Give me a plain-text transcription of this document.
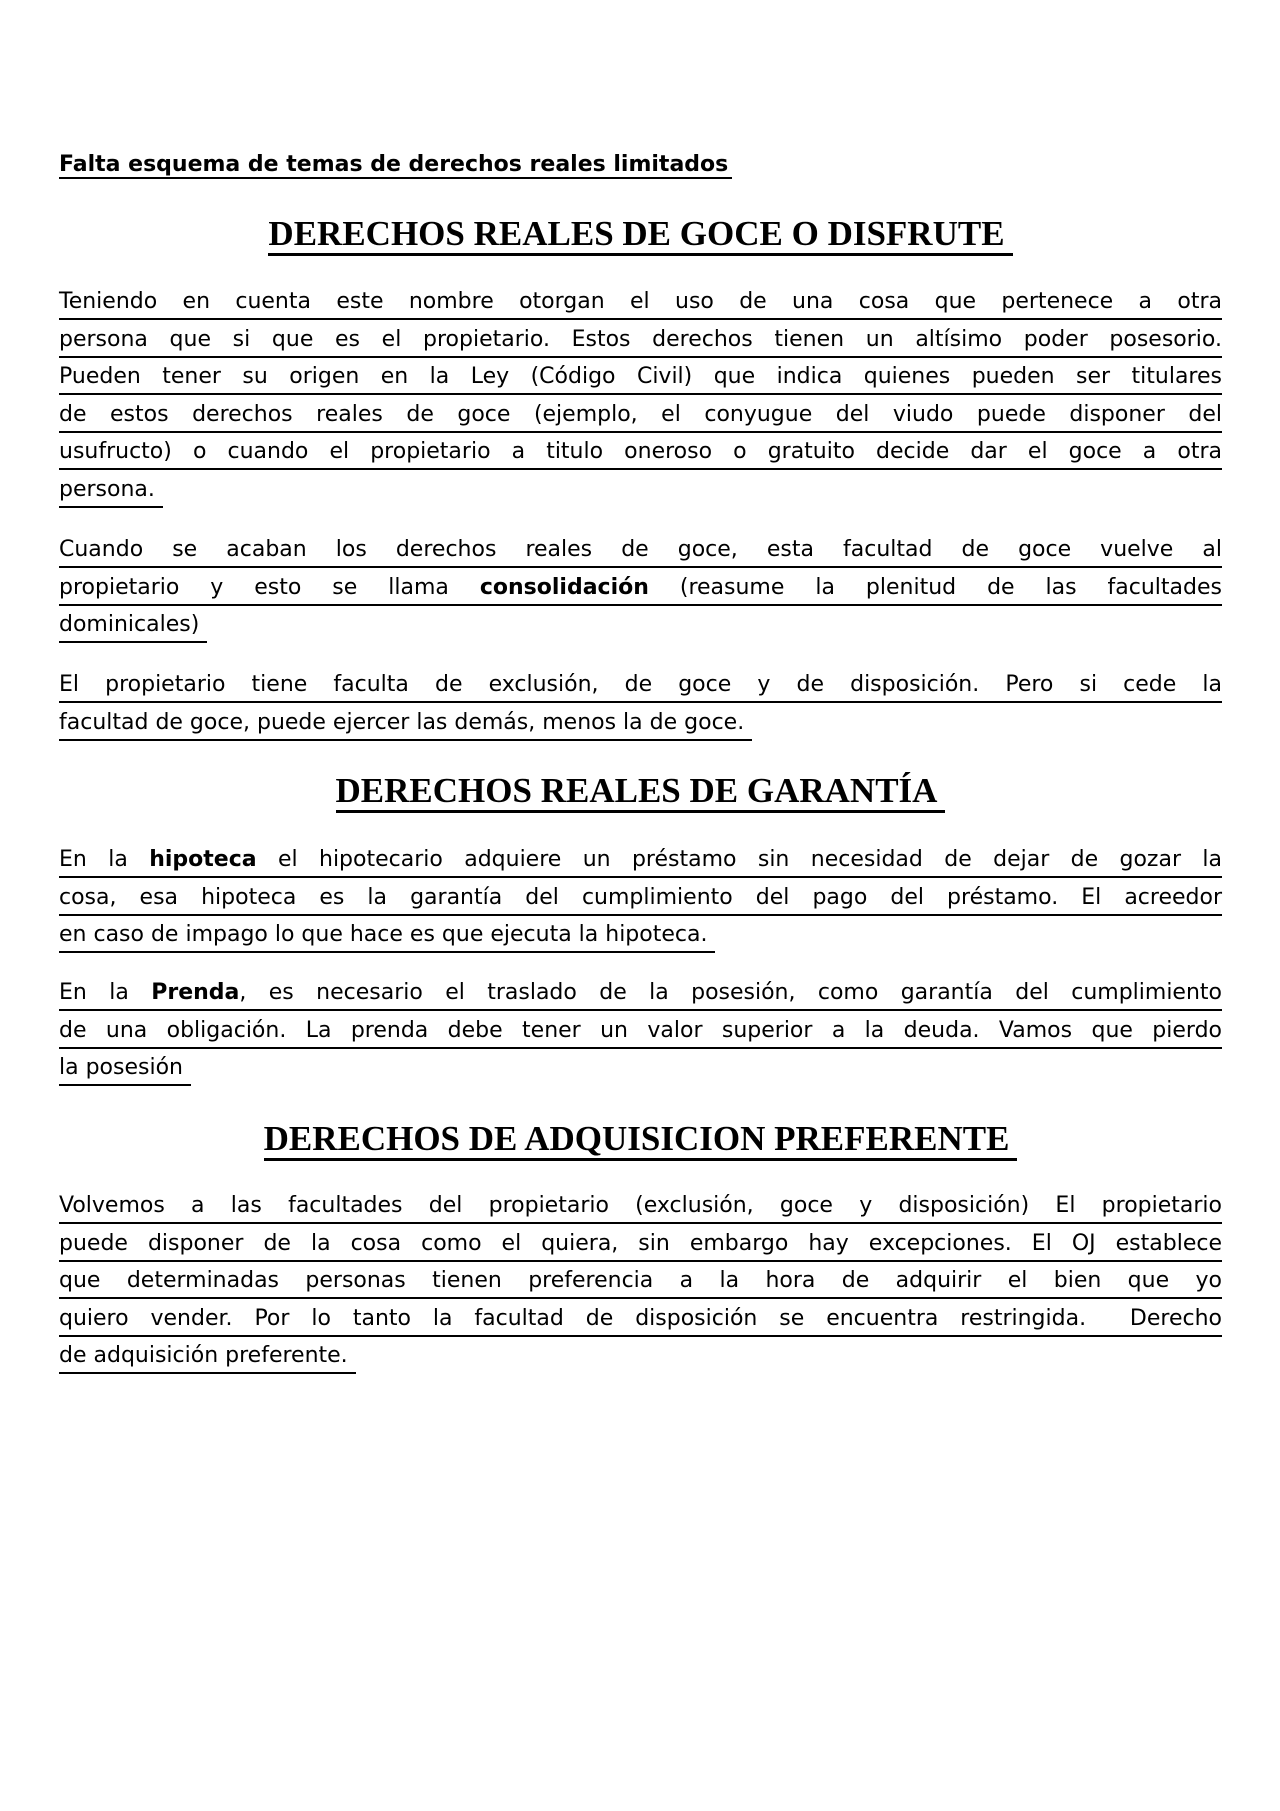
Falta esquema de temas de derechos reales limitados
DERECHOS REALES DE GOCE O DISFRUTE
Teniendo en cuenta este nombre otorgan el uso de una cosa que pertenece a otra
persona que si que es el propietario. Estos derechos tienen un altísimo poder posesorio.
Pueden tener su origen en la Ley (Código Civil) que indica quienes pueden ser titulares
de estos derechos reales de goce (ejemplo, el conyugue del viudo puede disponer del
usufructo) o cuando el propietario a titulo oneroso o gratuito decide dar el goce a otra
persona.
Cuando se acaban los derechos reales de goce, esta facultad de goce vuelve al
propietario y esto se llama consolidación (reasume la plenitud de las facultades
dominicales)
El propietario tiene faculta de exclusión, de goce y de disposición. Pero si cede la
facultad de goce, puede ejercer las demás, menos la de goce.
DERECHOS REALES DE GARANTÍA
En la hipoteca el hipotecario adquiere un préstamo sin necesidad de dejar de gozar la
cosa, esa hipoteca es la garantía del cumplimiento del pago del préstamo. El acreedor
en caso de impago lo que hace es que ejecuta la hipoteca.
En la Prenda, es necesario el traslado de la posesión, como garantía del cumplimiento
de una obligación. La prenda debe tener un valor superior a la deuda. Vamos que pierdo
la posesión
DERECHOS DE ADQUISICION PREFERENTE
Volvemos a las facultades del propietario (exclusión, goce y disposición) El propietario
puede disponer de la cosa como el quiera, sin embargo hay excepciones. El OJ establece
que determinadas personas tienen preferencia a la hora de adquirir el bien que yo
quiero vender. Por lo tanto la facultad de disposición se encuentra restringida.  Derecho
de adquisición preferente.
